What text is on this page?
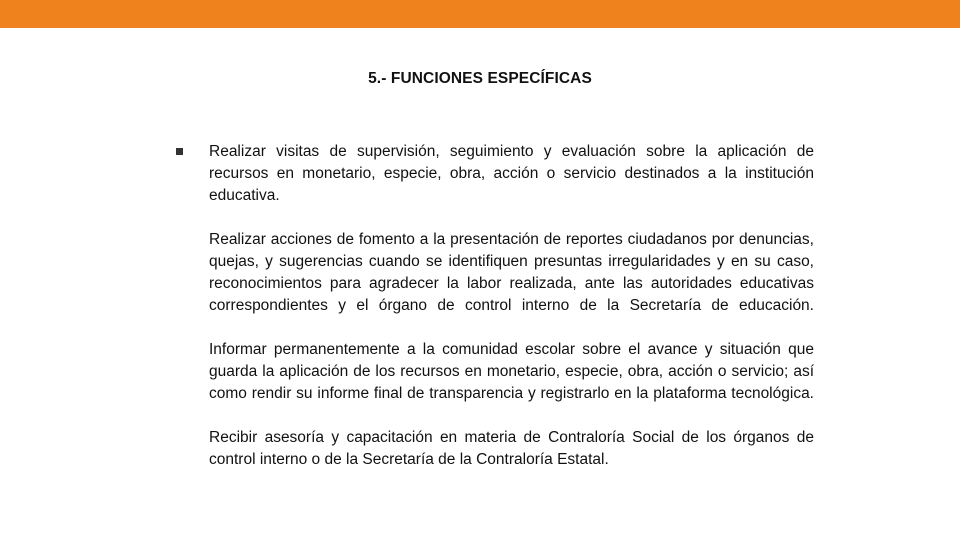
5.- FUNCIONES ESPECÍFICAS

Realizar visitas de supervisión, seguimiento y evaluación sobre la aplicación de recursos en monetario, especie, obra, acción o servicio destinados a la institución educativa.

Realizar acciones de fomento a la presentación de reportes ciudadanos por denuncias, quejas, y sugerencias cuando se identifiquen presuntas irregularidades y en su caso, reconocimientos para agradecer la labor realizada, ante las autoridades educativas correspondientes y el órgano de control interno de la Secretaría de educación.

Informar permanentemente a la comunidad escolar sobre el avance y situación que guarda la aplicación de los recursos en monetario, especie, obra, acción o servicio; así como rendir su informe final de transparencia y registrarlo en la plataforma tecnológica.

Recibir asesoría y capacitación en materia de Contraloría Social de los órganos de control interno o de la Secretaría de la Contraloría Estatal.
